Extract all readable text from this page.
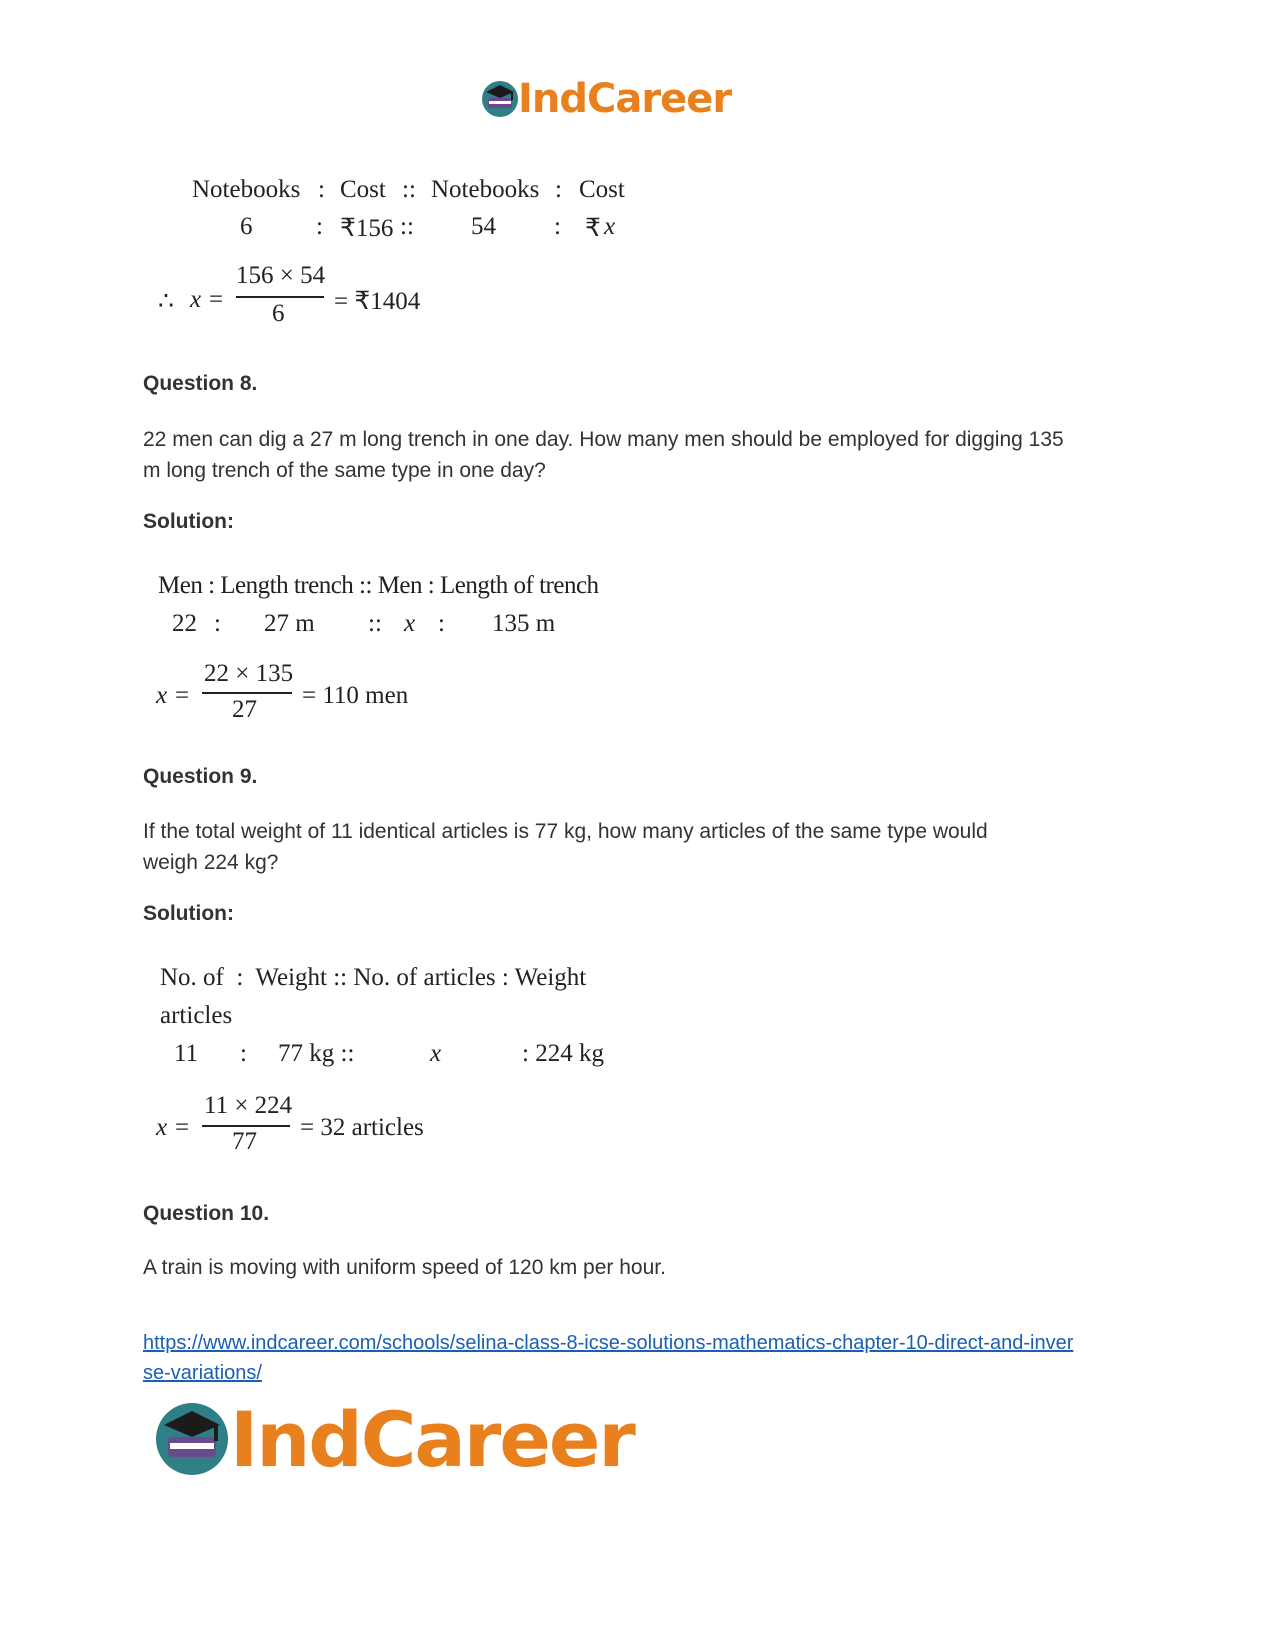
IndCareer
Notebooks : Cost :: Notebooks : Cost
6	: ₹156 :: 54 : ₹ x
∴ x =
156 × 54
6 = ₹1404
Question 8.
22 men can dig a 27 m long trench in one day. How many men should be employed for digging 135 m long trench of the same type in one day?
Solution:
Men : Length trench :: Men : Length of trench
22 : 27 m :: x : 135 m
x =
22 × 135
27
= 110 men
Question 9.
If the total weight of 11 identical articles is 77 kg, how many articles of the same type would weigh 224 kg?
Solution:
No. of  :  Weight :: No. of articles : Weight
articles
11 : 77 kg ::	x	: 224 kg
x =
11 × 224
77
= 32 articles
Question 10.
A train is moving with uniform speed of 120 km per hour.
https://www.indcareer.com/schools/selina-class-8-icse-solutions-mathematics-chapter-10-direct-and-inverse-variations/
IndCareer
